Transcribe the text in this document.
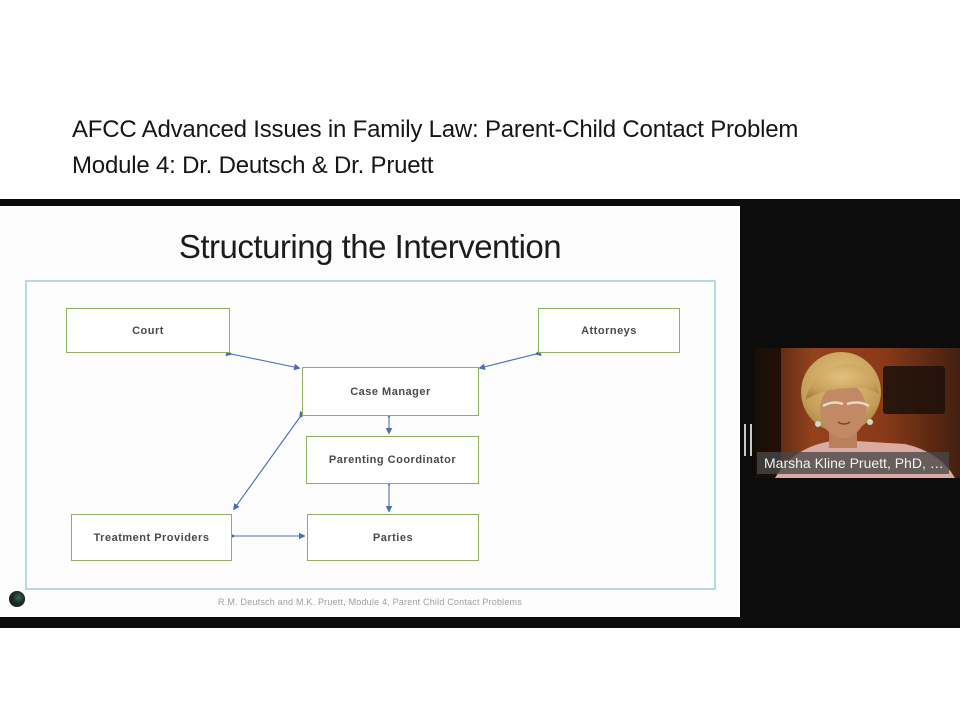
AFCC Advanced Issues in Family Law: Parent-Child Contact Problem
Module 4: Dr. Deutsch & Dr. Pruett
Structuring the Intervention
Court	Attorneys
Case Manager
Parenting Coordinator
Treatment Providers	Parties
R.M. Deutsch and M.K. Pruett, Module 4, Parent Child Contact Problems
Marsha Kline Pruett, PhD, …
